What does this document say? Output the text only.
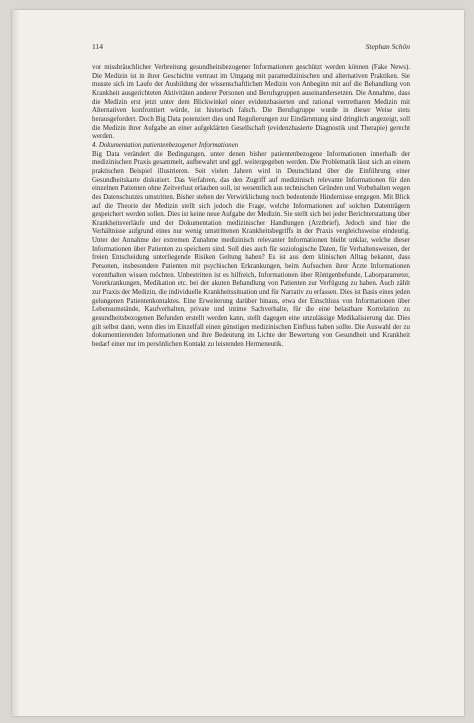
114	Stephan Schön

vor missbräuchlicher Verbreitung gesundheitsbezogener Informationen geschützt werden können (Fake News). Die Medizin ist in ihrer Geschichte vertraut im Umgang mit paramedizinischen und alternativen Praktiken. Sie musste sich im Laufe der Ausbildung der wissenschaftlichen Medizin von Anbeginn mit auf die Behandlung von Krankheit ausgerichteten Aktivitäten anderer Personen und Berufsgruppen auseinandersetzen. Die Annahme, dass die Medizin erst jetzt unter dem Blickwinkel einer evidenzbasierten und rational vertretbaren Medizin mit Alternativen konfrontiert würde, ist historisch falsch. Die Berufsgruppe wurde in dieser Weise stets herausgefordert. Doch Big Data potenziert dies und Regulierungen zur Eindämmung sind dringlich angezeigt, soll die Medizin ihrer Aufgabe an einer aufgeklärten Gesellschaft (evidenzbasierte Diagnostik und Therapie) gerecht werden.

4. Dokumentation patientenbezogener Informationen

Big Data verändert die Bedingungen, unter denen bisher patientenbezogene Informationen innerhalb der medizinischen Praxis gesammelt, aufbewahrt und ggf. weitergegeben werden. Die Problematik lässt sich an einem praktischen Beispiel illustrieren. Seit vielen Jahren wird in Deutschland über die Einführung einer Gesundheitskarte diskutiert. Das Verfahren, das den Zugriff auf medizinisch relevante Informationen für den einzelnen Patienten ohne Zeitverlust erlauben soll, ist wesentlich aus technischen Gründen und Vorbehalten wegen des Datenschutzes umstritten. Bisher stehen der Verwirklichung noch bedeutende Hindernisse entgegen. Mit Blick auf die Theorie der Medizin stellt sich jedoch die Frage, welche Informationen auf solchen Datenträgern gespeichert werden sollen. Dies ist keine neue Aufgabe der Medizin. Sie stellt sich bei jeder Berichterstattung über Krankheitsverläufe und der Dokumentation medizinischer Handlungen (Arztbrief). Jedoch sind hier die Verhältnisse aufgrund eines nur wenig umstrittenen Krankheitsbegriffs in der Praxis vergleichsweise eindeutig. Unter der Annahme der extremen Zunahme medizinisch relevanter Informationen bleibt unklar, welche dieser Informationen über Patienten zu speichern sind. Soll dies auch für soziologische Daten, für Verhaltensweisen, der freien Entscheidung unterliegende Risiken Geltung haben? Es ist aus dem klinischen Alltag bekannt, dass Personen, insbesondere Patienten mit psychischen Erkrankungen, beim Aufsuchen ihrer Ärzte Informationen vorenthalten wissen möchten. Unbestritten ist es hilfreich, Informationen über Röntgenbefunde, Laborparameter, Vorerkrankungen, Medikation etc. bei der akuten Behandlung von Patienten zur Verfügung zu haben. Auch zählt zur Praxis der Medizin, die individuelle Krankheitssituation und für Narrativ zu erfassen. Dies ist Basis eines jeden gelungenen Patientenkontaktes. Eine Erweiterung darüber hinaus, etwa der Einschluss von Informationen über Lebensumstände, Kaufverhalten, private und intime Sachverhalte, für die eine belastbare Korrelation zu gesundheitsbezogenen Befunden erstellt werden kann, stellt dagegen eine unzulässige Medikalisierung dar. Dies gilt selbst dann, wenn dies im Einzelfall einen günstigen medizinischen Einfluss haben sollte. Die Auswahl der zu dokumentierenden Informationen und ihre Bedeutung im Lichte der Bewertung von Gesundheit und Krankheit bedarf einer nur im persönlichen Kontakt zu leistenden Hermeneutik.
